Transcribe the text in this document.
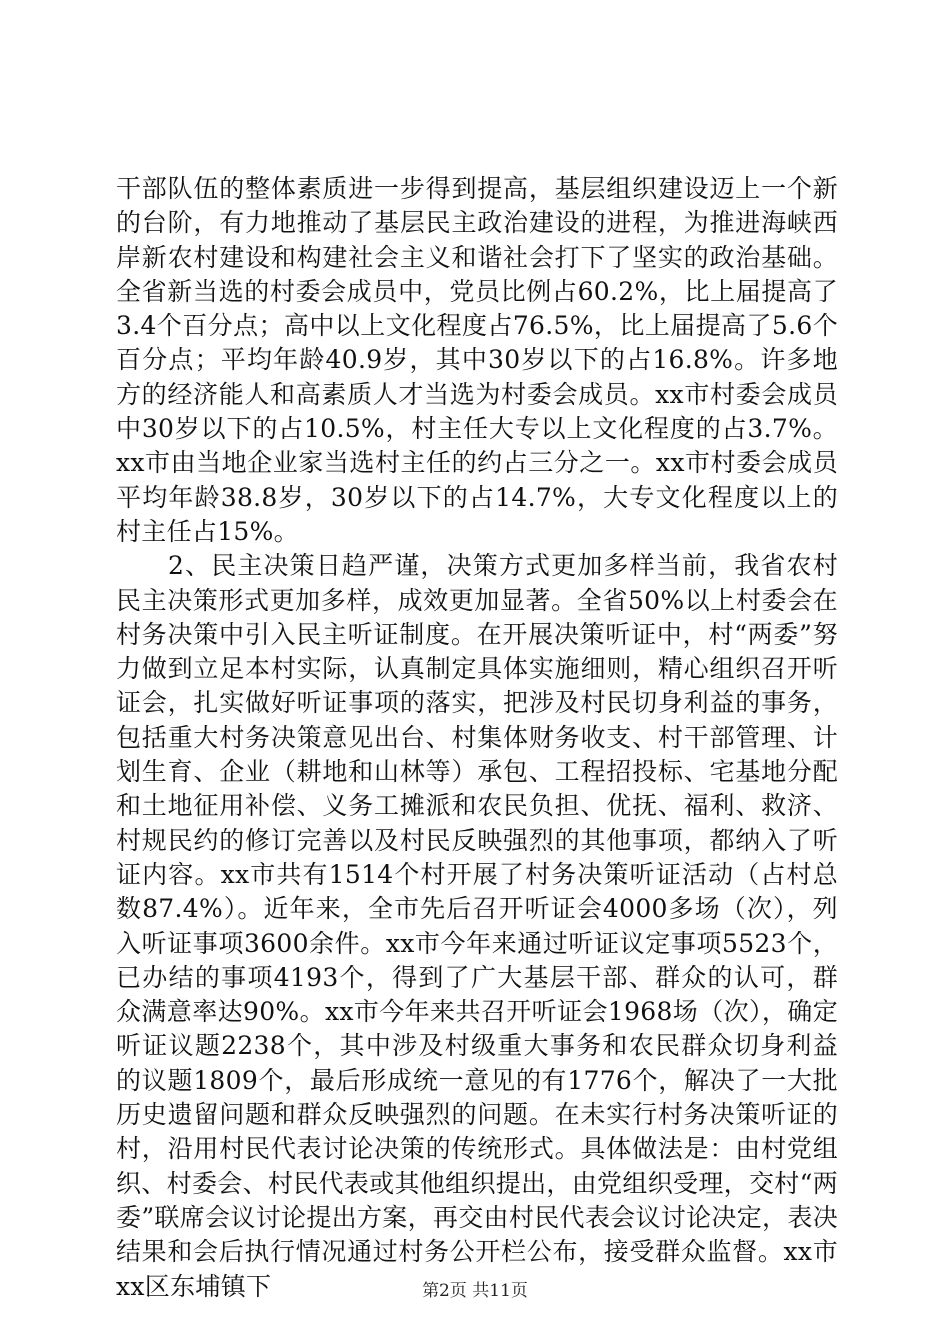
干部队伍的整体素质进一步得到提高，基层组织建设迈上一个新的台阶，有力地推动了基层民主政治建设的进程，为推进海峡西岸新农村建设和构建社会主义和谐社会打下了坚实的政治基础。全省新当选的村委会成员中，党员比例占60.2%，比上届提高了3.4个百分点；高中以上文化程度占76.5%，比上届提高了5.6个百分点；平均年龄40.9岁，其中30岁以下的占16.8%。许多地方的经济能人和高素质人才当选为村委会成员。xx市村委会成员中30岁以下的占10.5%，村主任大专以上文化程度的占3.7%。xx市由当地企业家当选村主任的约占三分之一。xx市村委会成员平均年龄38.8岁，30岁以下的占14.7%，大专文化程度以上的村主任占15%。

2、民主决策日趋严谨，决策方式更加多样当前，我省农村民主决策形式更加多样，成效更加显著。全省50%以上村委会在村务决策中引入民主听证制度。在开展决策听证中，村“两委”努力做到立足本村实际，认真制定具体实施细则，精心组织召开听证会，扎实做好听证事项的落实，把涉及村民切身利益的事务，包括重大村务决策意见出台、村集体财务收支、村干部管理、计划生育、企业（耕地和山林等）承包、工程招投标、宅基地分配和土地征用补偿、义务工摊派和农民负担、优抚、福利、救济、村规民约的修订完善以及村民反映强烈的其他事项，都纳入了听证内容。xx市共有1514个村开展了村务决策听证活动（占村总数87.4%）。近年来，全市先后召开听证会4000多场（次），列入听证事项3600余件。xx市今年来通过听证议定事项5523个，已办结的事项4193个，得到了广大基层干部、群众的认可，群众满意率达90%。xx市今年来共召开听证会1968场（次），确定听证议题2238个，其中涉及村级重大事务和农民群众切身利益的议题1809个，最后形成统一意见的有1776个，解决了一大批历史遗留问题和群众反映强烈的问题。在未实行村务决策听证的村，沿用村民代表讨论决策的传统形式。具体做法是：由村党组织、村委会、村民代表或其他组织提出，由党组织受理，交村“两委”联席会议讨论提出方案，再交由村民代表会议讨论决定，表决结果和会后执行情况通过村务公开栏公布，接受群众监督。xx市xx区东埔镇下	第2页 共11页
